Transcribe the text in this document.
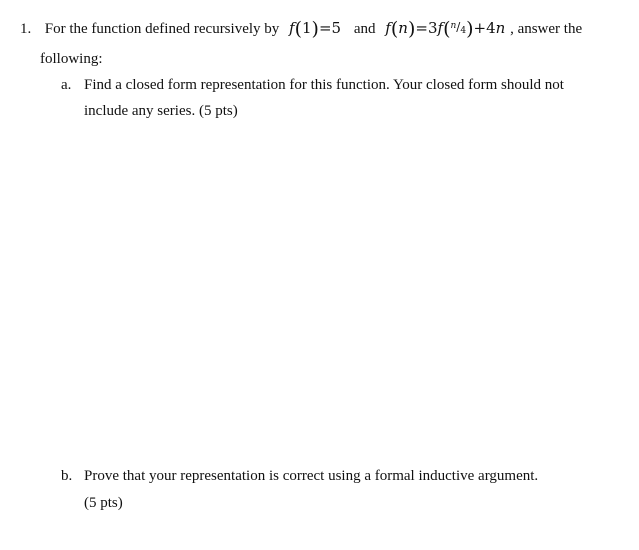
1. For the function defined recursively by f(1)=5 and f(n)=3f(n/4)+4n , answer the
following:
a. Find a closed form representation for this function. Your closed form should not
include any series. (5 pts)
b. Prove that your representation is correct using a formal inductive argument.
(5 pts)
